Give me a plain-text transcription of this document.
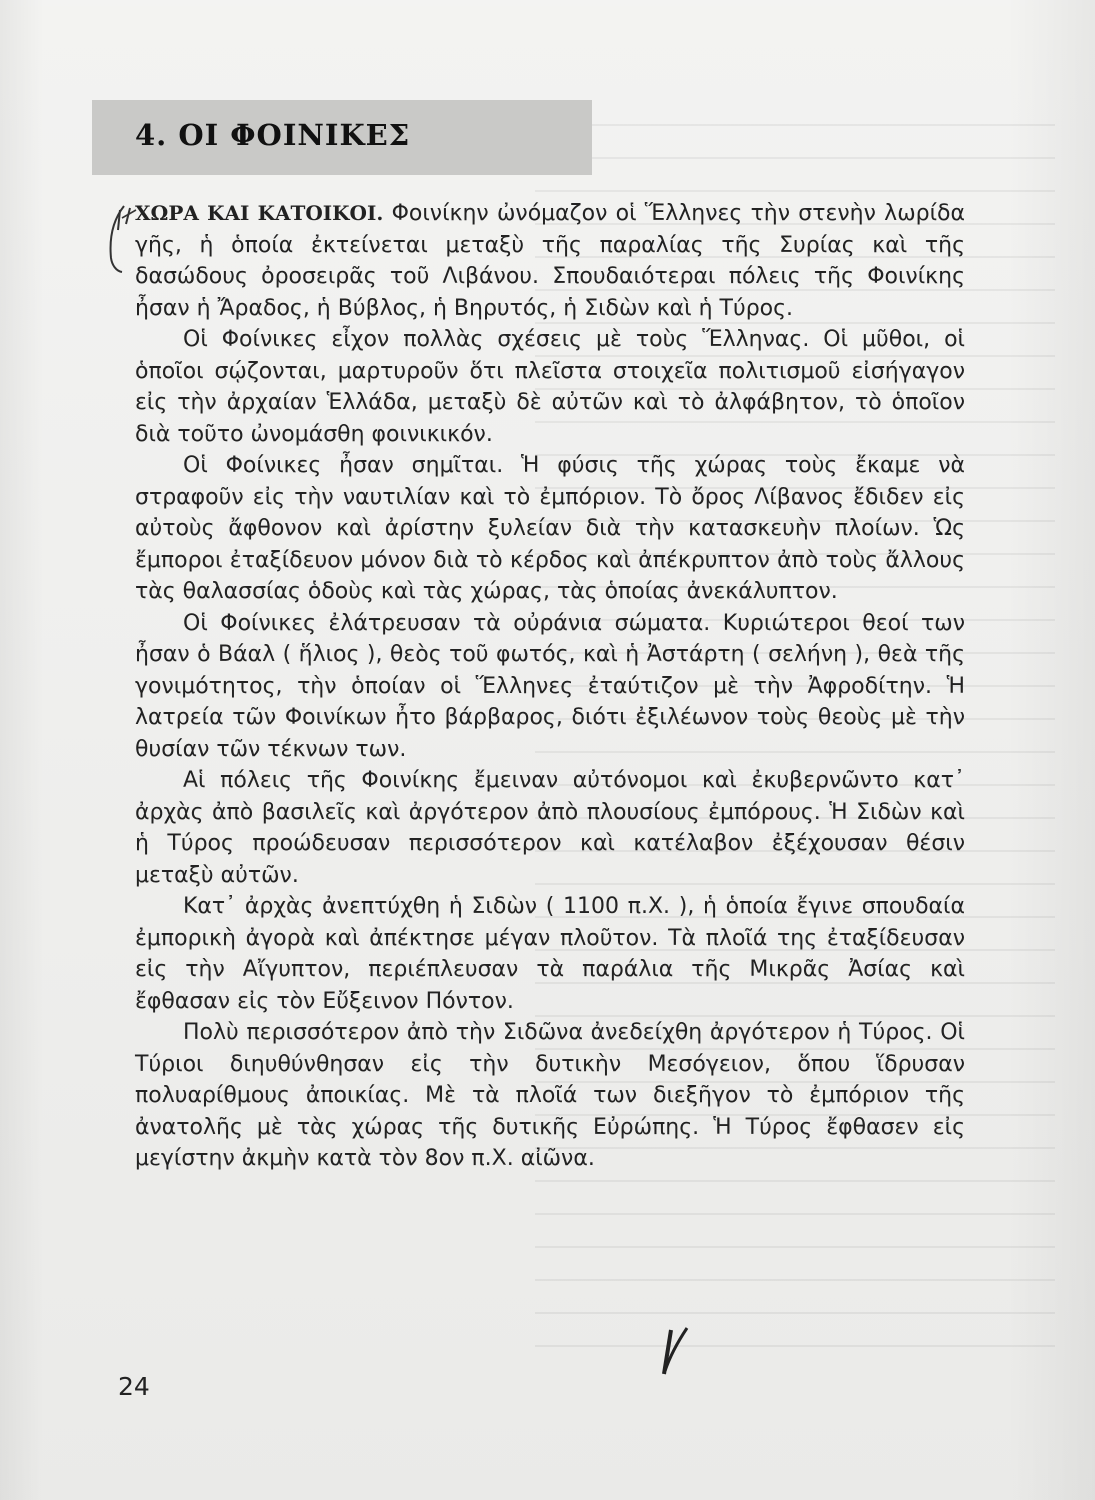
4. ΟΙ ΦΟΙΝΙΚΕΣ

ΧΩΡΑ ΚΑΙ ΚΑΤΟΙΚΟΙ. Φοινίκην ὠνόμαζον οἱ Ἕλληνες τὴν στενὴν λωρίδα γῆς, ἡ ὁποία ἐκτείνεται μεταξὺ τῆς παραλίας τῆς Συρίας καὶ τῆς δασώδους ὀροσειρᾶς τοῦ Λιβάνου. Σπουδαιότεραι πόλεις τῆς Φοινίκης ἦσαν ἡ Ἄραδος, ἡ Βύβλος, ἡ Βηρυτός, ἡ Σιδὼν καὶ ἡ Τύρος.

Οἱ Φοίνικες εἶχον πολλὰς σχέσεις μὲ τοὺς Ἕλληνας. Οἱ μῦθοι, οἱ ὁποῖοι σῴζονται, μαρτυροῦν ὅτι πλεῖστα στοιχεῖα πολιτισμοῦ εἰσήγαγον εἰς τὴν ἀρχαίαν Ἑλλάδα, μεταξὺ δὲ αὐτῶν καὶ τὸ ἀλφάβητον, τὸ ὁποῖον διὰ τοῦτο ὠνομάσθη φοινικικόν.

Οἱ Φοίνικες ἦσαν σημῖται. Ἡ φύσις τῆς χώρας τοὺς ἔκαμε νὰ στραφοῦν εἰς τὴν ναυτιλίαν καὶ τὸ ἐμπόριον. Τὸ ὄρος Λίβανος ἔδιδεν εἰς αὐτοὺς ἄφθονον καὶ ἀρίστην ξυλείαν διὰ τὴν κατασκευὴν πλοίων. Ὡς ἔμποροι ἐταξίδευον μόνον διὰ τὸ κέρδος καὶ ἀπέκρυπτον ἀπὸ τοὺς ἄλλους τὰς θαλασσίας ὁδοὺς καὶ τὰς χώρας, τὰς ὁποίας ἀνεκάλυπτον.

Οἱ Φοίνικες ἐλάτρευσαν τὰ οὐράνια σώματα. Κυριώτεροι θεοί των ἦσαν ὁ Βάαλ ( ἥλιος ), θεὸς τοῦ φωτός, καὶ ἡ Ἀστάρτη ( σελήνη ), θεὰ τῆς γονιμότητος, τὴν ὁποίαν οἱ Ἕλληνες ἐταύτιζον μὲ τὴν Ἀφροδίτην. Ἡ λατρεία τῶν Φοινίκων ἦτο βάρβαρος, διότι ἐξιλέωνον τοὺς θεοὺς μὲ τὴν θυσίαν τῶν τέκνων των.

Αἱ πόλεις τῆς Φοινίκης ἔμειναν αὐτόνομοι καὶ ἐκυβερνῶντο κατ᾽ ἀρχὰς ἀπὸ βασιλεῖς καὶ ἀργότερον ἀπὸ πλουσίους ἐμπόρους. Ἡ Σιδὼν καὶ ἡ Τύρος προώδευσαν περισσότερον καὶ κατέλαβον ἐξέχουσαν θέσιν μεταξὺ αὐτῶν.

Κατ᾽ ἀρχὰς ἀνεπτύχθη ἡ Σιδὼν ( 1100 π.Χ. ), ἡ ὁποία ἔγινε σπουδαία ἐμπορικὴ ἀγορὰ καὶ ἀπέκτησε μέγαν πλοῦτον. Τὰ πλοῖά της ἐταξίδευσαν εἰς τὴν Αἴγυπτον, περιέπλευσαν τὰ παράλια τῆς Μικρᾶς Ἀσίας καὶ ἔφθασαν εἰς τὸν Εὔξεινον Πόντον.

Πολὺ περισσότερον ἀπὸ τὴν Σιδῶνα ἀνεδείχθη ἀργότερον ἡ Τύρος. Οἱ Τύριοι διηυθύνθησαν εἰς τὴν δυτικὴν Μεσόγειον, ὅπου ἵδρυσαν πολυαρίθμους ἀποικίας. Μὲ τὰ πλοῖά των διεξῆγον τὸ ἐμπόριον τῆς ἀνατολῆς μὲ τὰς χώρας τῆς δυτικῆς Εὐρώπης. Ἡ Τύρος ἔφθασεν εἰς μεγίστην ἀκμὴν κατὰ τὸν 8ον π.Χ. αἰῶνα.

24
